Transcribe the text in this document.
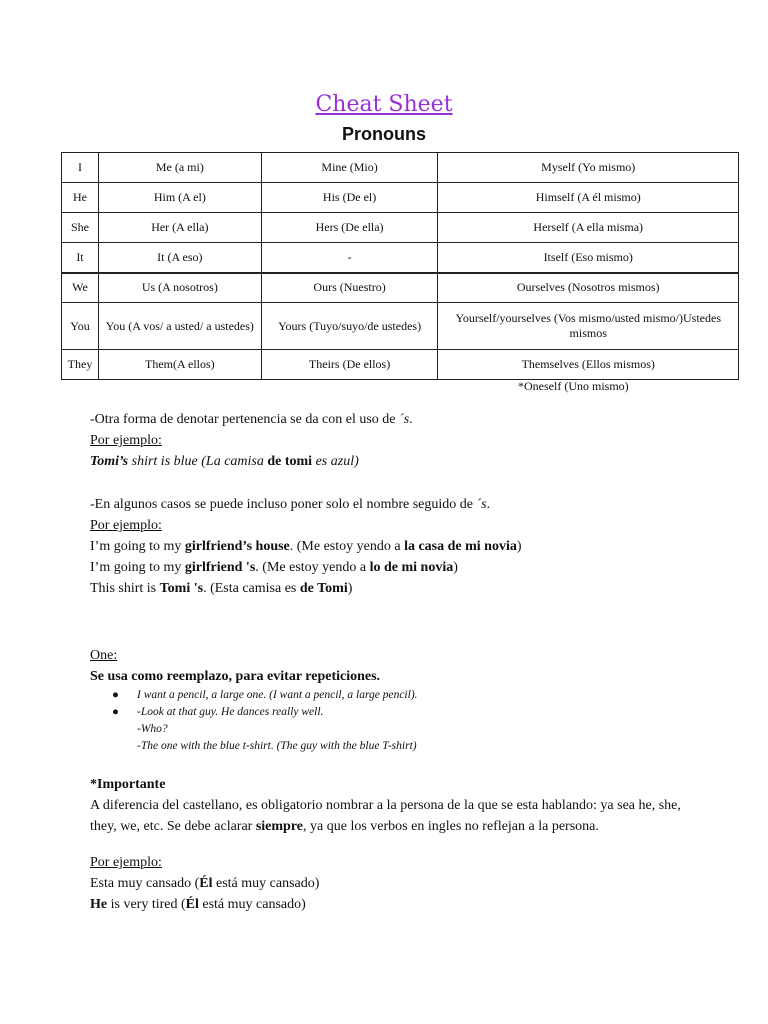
Cheat Sheet
Pronouns
I	Me (a mi)	Mine (Mio)	Myself (Yo mismo)
He	Him (A el)	His (De el)	Himself (A él mismo)
She	Her (A ella)	Hers (De ella)	Herself (A ella misma)
It	It (A eso)	-	Itself (Eso mismo)
We	Us (A nosotros)	Ours (Nuestro)	Ourselves (Nosotros mismos)
You	You (A vos/ a usted/ a ustedes)	Yours (Tuyo/suyo/de ustedes)	Yourself/yourselves (Vos mismo/usted mismo/)Ustedes mismos
They	Them(A ellos)	Theirs (De ellos)	Themselves (Ellos mismos)
*Oneself (Uno mismo)
-Otra forma de denotar pertenencia se da con el uso de ´s.
Por ejemplo:
Tomi’s shirt is blue (La camisa de tomi es azul)
-En algunos casos se puede incluso poner solo el nombre seguido de ´s.
Por ejemplo:
I’m going to my girlfriend’s house. (Me estoy yendo a la casa de mi novia)
I’m going to my girlfriend 's. (Me estoy yendo a lo de mi novia)
This shirt is Tomi 's. (Esta camisa es de Tomi)
One:
Se usa como reemplazo, para evitar repeticiones.
● I want a pencil, a large one. (I want a pencil, a large pencil).
● -Look at that guy. He dances really well.
-Who?
-The one with the blue t-shirt. (The guy with the blue T-shirt)
*Importante
A diferencia del castellano, es obligatorio nombrar a la persona de la que se esta hablando: ya sea he, she,
they, we, etc. Se debe aclarar siempre, ya que los verbos en ingles no reflejan a la persona.
Por ejemplo:
Esta muy cansado (Él está muy cansado)
He is very tired (Él está muy cansado)
